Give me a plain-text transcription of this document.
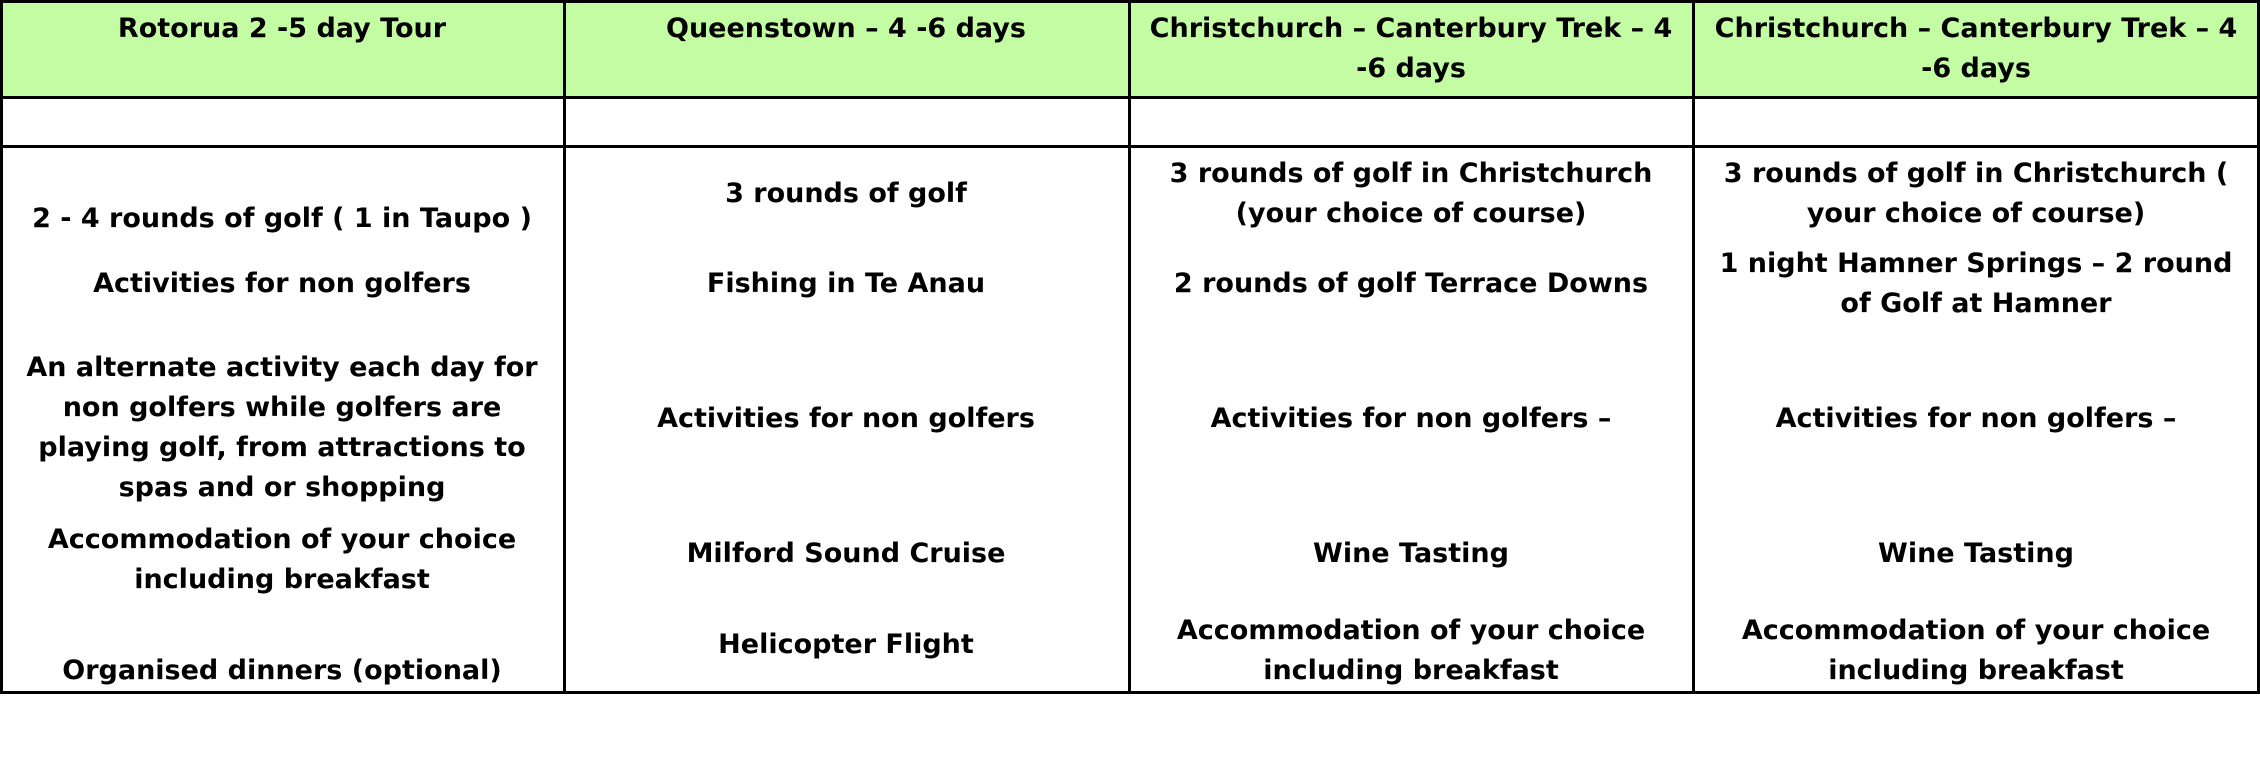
Rotorua 2 -5 day Tour
2 - 4 rounds of golf ( 1 in Taupo )
Activities for non golfers
An alternate activity each day for non golfers while golfers are playing golf, from attractions to spas and or shopping
Accommodation of your choice including breakfast
Organised dinners (optional)
Queenstown – 4 -6 days
3 rounds of golf
Fishing in Te Anau
Activities for non golfers
Milford Sound Cruise
Helicopter Flight
Christchurch – Canterbury Trek – 4 -6 days
3 rounds of golf in Christchurch (your choice of course)
2 rounds of golf Terrace Downs
Activities for non golfers –
Wine Tasting
Accommodation of your choice including breakfast
Christchurch – Canterbury Trek – 4 -6 days
3 rounds of golf in Christchurch ( your choice of course)
1 night Hamner Springs – 2 round of Golf at Hamner
Activities for non golfers –
Wine Tasting
Accommodation of your choice including breakfast
